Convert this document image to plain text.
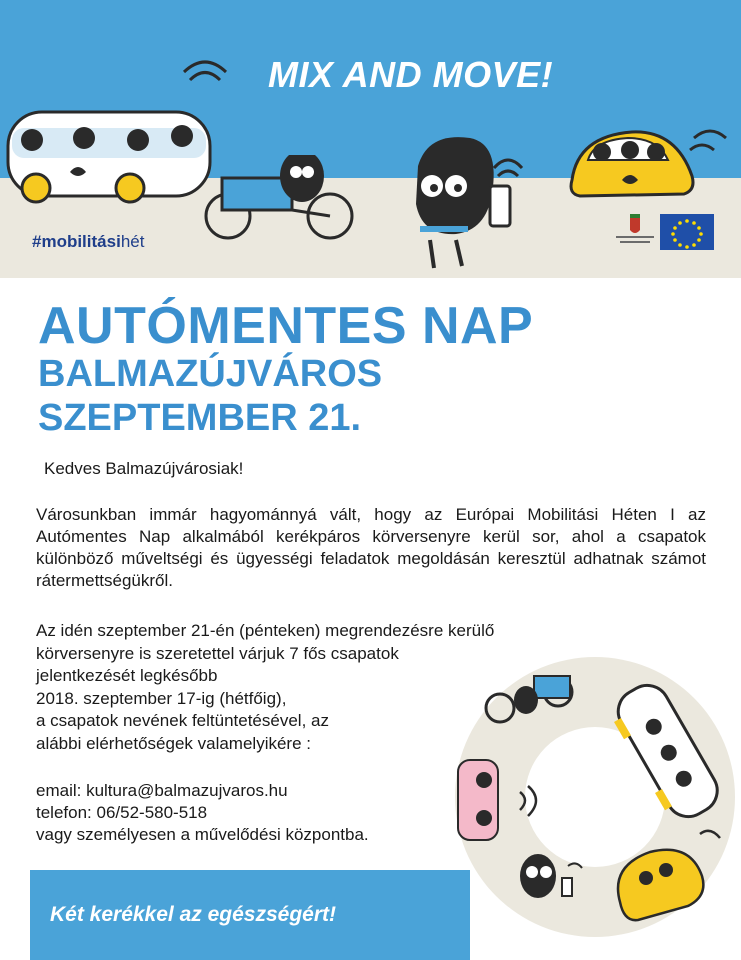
MIX AND MOVE!
#mobilitásihét
AUTÓMENTES NAP
BALMAZÚJVÁROS
SZEPTEMBER 21.
Kedves Balmazújvárosiak!
Városunkban immár hagyománnyá vált, hogy az Európai Mobilitási Héten I az Autómentes Nap alkalmából kerékpáros körversenyre kerül sor, ahol a csapatok különböző műveltségi és ügyességi feladatok megoldásán keresztül adhatnak számot rátermettségükről.
Az idén szeptember 21-én (pénteken) megrendezésre kerülő
körversenyre is szeretettel várjuk 7 fős csapatok
jelentkezését legkésőbb
2018. szeptember 17-ig (hétfőig),
a csapatok nevének feltüntetésével, az
alábbi elérhetőségek valamelyikére :
email: kultura@balmazujvaros.hu
telefon: 06/52-580-518
vagy személyesen a művelődési központba.
Két kerékkel az egészségért!
